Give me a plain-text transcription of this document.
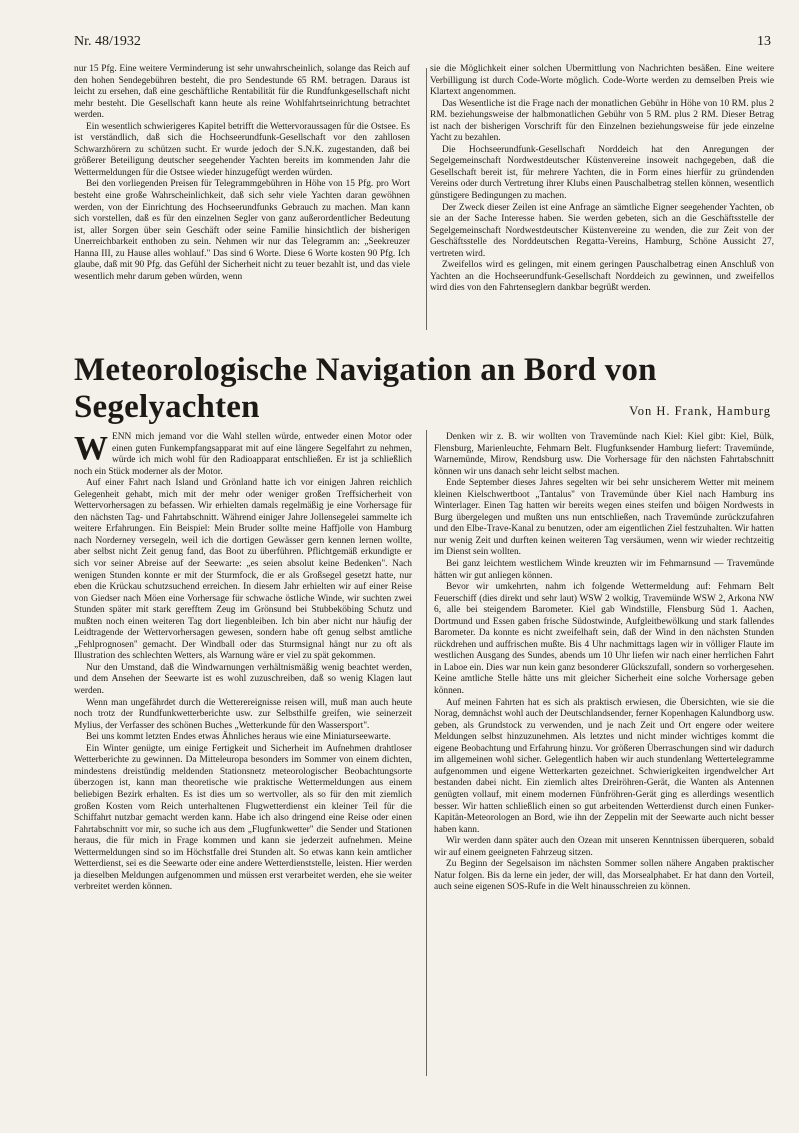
Nr. 48/1932	13

nur 15 Pfg. Eine weitere Verminderung ist sehr unwahrscheinlich, solange das Reich auf den hohen Sendegebühren besteht, die pro Sendestunde 65 RM. betragen. Daraus ist leicht zu ersehen, daß eine geschäftliche Rentabilität für die Rundfunkgesellschaft nicht mehr besteht. Die Gesellschaft kann heute als reine Wohlfahrtseinrichtung betrachtet werden.

Ein wesentlich schwierigeres Kapitel betrifft die Wettervoraussagen für die Ostsee. Es ist verständlich, daß sich die Hochseerundfunk-Gesellschaft vor den zahllosen Schwarzhörern zu schützen sucht. Er wurde jedoch der S.N.K. zugestanden, daß bei größerer Beteiligung deutscher seegehender Yachten bereits im kommenden Jahr die Wettermeldungen für die Ostsee wieder hinzugefügt werden würden.

Bei den vorliegenden Preisen für Telegrammgebühren in Höhe von 15 Pfg. pro Wort besteht eine große Wahrscheinlichkeit, daß sich sehr viele Yachten daran gewöhnen werden, von der Einrichtung des Hochseerundfunks Gebrauch zu machen. Man kann sich vorstellen, daß es für den einzelnen Segler von ganz außerordentlicher Bedeutung ist, aller Sorgen über sein Geschäft oder seine Familie hinsichtlich der bisherigen Unerreichbarkeit enthoben zu sein. Nehmen wir nur das Telegramm an: „Seekreuzer Hanna III, zu Hause alles wohlauf." Das sind 6 Worte. Diese 6 Worte kosten 90 Pfg. Ich glaube, daß mit 90 Pfg. das Gefühl der Sicherheit nicht zu teuer bezahlt ist, und das viele wesentlich mehr darum geben würden, wenn

sie die Möglichkeit einer solchen Übermittlung von Nachrichten besäßen. Eine weitere Verbilligung ist durch Code-Worte möglich. Code-Worte werden zu demselben Preis wie Klartext angenommen.

Das Wesentliche ist die Frage nach der monatlichen Gebühr in Höhe von 10 RM. plus 2 RM. beziehungsweise der halbmonatlichen Gebühr von 5 RM. plus 2 RM. Dieser Betrag ist nach der bisherigen Vorschrift für den Einzelnen beziehungsweise für jede einzelne Yacht zu bezahlen.

Die Hochseerundfunk-Gesellschaft Norddeich hat den Anregungen der Segelgemeinschaft Nordwestdeutscher Küstenvereine insoweit nachgegeben, daß die Gesellschaft bereit ist, für mehrere Yachten, die in Form eines hierfür zu gründenden Vereins oder durch Vertretung ihrer Klubs einen Pauschalbetrag stellen können, wesentlich günstigere Bedingungen zu machen.

Der Zweck dieser Zeilen ist eine Anfrage an sämtliche Eigner seegehender Yachten, ob sie an der Sache Interesse haben. Sie werden gebeten, sich an die Geschäftsstelle der Segelgemeinschaft Nordwestdeutscher Küstenvereine zu wenden, die zur Zeit von der Geschäftsstelle des Norddeutschen Regatta-Vereins, Hamburg, Schöne Aussicht 27, vertreten wird.

Zweifellos wird es gelingen, mit einem geringen Pauschalbetrag einen Anschluß von Yachten an die Hochseerundfunk-Gesellschaft Norddeich zu gewinnen, und zweifellos wird dies von den Fahrtenseglern dankbar begrüßt werden.

Meteorologische Navigation an Bord von Segelyachten	Von H. Frank, Hamburg

WENN mich jemand vor die Wahl stellen würde, entweder einen Motor oder einen guten Funkempfangsapparat mit auf eine längere Segelfahrt zu nehmen, würde ich mich wohl für den Radioapparat entschließen. Er ist ja schließlich noch ein Stück moderner als der Motor.

Auf einer Fahrt nach Island und Grönland hatte ich vor einigen Jahren reichlich Gelegenheit gehabt, mich mit der mehr oder weniger großen Treffsicherheit von Wettervorhersagen zu befassen. Wir erhielten damals regelmäßig je eine Vorhersage für den nächsten Tag- und Fahrtabschnitt. Während einiger Jahre Jollensegelei sammelte ich weitere Erfahrungen. Ein Beispiel: Mein Bruder sollte meine Haffjolle von Hamburg nach Norderney versegeln, weil ich die dortigen Gewässer gern kennen lernen wollte, aber selbst nicht Zeit genug fand, das Boot zu überführen. Pflichtgemäß erkundigte er sich vor seiner Abreise auf der Seewarte: „es seien absolut keine Bedenken". Nach wenigen Stunden konnte er mit der Sturmfock, die er als Großsegel gesetzt hatte, nur eben die Krückau schutzsuchend erreichen. In diesem Jahr erhielten wir auf einer Reise von Giedser nach Möen eine Vorhersage für schwache östliche Winde, wir suchten zwei Stunden später mit stark gerefftem Zeug im Grönsund bei Stubbeköbing Schutz und mußten noch einen weiteren Tag dort liegenbleiben. Ich bin aber nicht nur häufig der Leidtragende der Wettervorhersagen gewesen, sondern habe oft genug selbst amtliche „Fehlprognosen" gemacht. Der Windball oder das Sturmsignal hängt nur zu oft als Illustration des schlechten Wetters, als Warnung wäre er viel zu spät gekommen.

Nur den Umstand, daß die Windwarnungen verhältnismäßig wenig beachtet werden, und dem Ansehen der Seewarte ist es wohl zuzuschreiben, daß so wenig Klagen laut werden.

Wenn man ungefährdet durch die Wetterereignisse reisen will, muß man auch heute noch trotz der Rundfunkwetterberichte usw. zur Selbsthilfe greifen, wie seinerzeit Mylius, der Verfasser des schönen Buches „Wetterkunde für den Wassersport".

Bei uns kommt letzten Endes etwas Ähnliches heraus wie eine Miniaturseewarte.

Ein Winter genügte, um einige Fertigkeit und Sicherheit im Aufnehmen drahtloser Wetterberichte zu gewinnen. Da Mitteleuropa besonders im Sommer von einem dichten, mindestens dreistündig meldenden Stationsnetz meteorologischer Beobachtungsorte überzogen ist, kann man theoretische wie praktische Wettermeldungen aus einem beliebigen Bezirk erhalten. Es ist dies um so wertvoller, als so für den mit ziemlich großen Kosten vom Reich unterhaltenen Flugwetterdienst ein kleiner Teil für die Schiffahrt nutzbar gemacht werden kann. Habe ich also dringend eine Reise oder einen Fahrtabschnitt vor mir, so suche ich aus dem „Flugfunkwetter" die Sender und Stationen heraus, die für mich in Frage kommen und kann sie jederzeit aufnehmen. Meine Wettermeldungen sind so im Höchstfalle drei Stunden alt. So etwas kann kein amtlicher Wetterdienst, sei es die Seewarte oder eine andere Wetterdienststelle, leisten. Hier werden ja dieselben Meldungen aufgenommen und müssen erst verarbeitet werden, ehe sie weiter verbreitet werden können.

Denken wir z. B. wir wollten von Travemünde nach Kiel: Kiel gibt: Kiel, Bülk, Flensburg, Marienleuchte, Fehmarn Belt. Flugfunksender Hamburg liefert: Travemünde, Warnemünde, Mirow, Rendsburg usw. Die Vorhersage für den nächsten Fahrtabschnitt können wir uns danach sehr leicht selbst machen.

Ende September dieses Jahres segelten wir bei sehr unsicherem Wetter mit meinem kleinen Kielschwertboot „Tantalus" von Travemünde über Kiel nach Hamburg ins Winterlager. Einen Tag hatten wir bereits wegen eines steifen und böigen Nordwests in Burg übergelegen und mußten uns nun entschließen, nach Travemünde zurückzufahren und den Elbe-Trave-Kanal zu benutzen, oder am eigentlichen Ziel festzuhalten. Wir hatten nur wenig Zeit und durften keinen weiteren Tag versäumen, wenn wir wieder rechtzeitig im Dienst sein wollten.

Bei ganz leichtem westlichem Winde kreuzten wir im Fehmarnsund — Travemünde hätten wir gut anliegen können.

Bevor wir umkehrten, nahm ich folgende Wettermeldung auf: Fehmarn Belt Feuerschiff (dies direkt und sehr laut) WSW 2 wolkig, Travemünde WSW 2, Arkona NW 6, alle bei steigendem Barometer. Kiel gab Windstille, Flensburg Süd 1. Aachen, Dortmund und Essen gaben frische Südostwinde, Aufgleitbewölkung und stark fallendes Barometer. Da konnte es nicht zweifelhaft sein, daß der Wind in den nächsten Stunden rückdrehen und auffrischen mußte. Bis 4 Uhr nachmittags lagen wir in völliger Flaute im westlichen Ausgang des Sundes, abends um 10 Uhr liefen wir nach einer herrlichen Fahrt in Laboe ein. Dies war nun kein ganz besonderer Glückszufall, sondern so vorhergesehen. Keine amtliche Stelle hätte uns mit gleicher Sicherheit eine solche Vorhersage geben können.

Auf meinen Fahrten hat es sich als praktisch erwiesen, die Übersichten, wie sie die Norag, demnächst wohl auch der Deutschlandsender, ferner Kopenhagen Kalundborg usw. geben, als Grundstock zu verwenden, und je nach Zeit und Ort engere oder weitere Meldungen selbst hinzuzunehmen. Als letztes und nicht minder wichtiges kommt die eigene Beobachtung und Erfahrung hinzu. Vor größeren Überraschungen sind wir dadurch im allgemeinen wohl sicher. Gelegentlich haben wir auch stundenlang Wettertelegramme aufgenommen und eigene Wetterkarten gezeichnet. Schwierigkeiten irgendwelcher Art bestanden dabei nicht. Ein ziemlich altes Dreiröhren-Gerät, die Wanten als Antennen genügten vollauf, mit einem modernen Fünfröhren-Gerät ging es allerdings wesentlich besser. Wir hatten schließlich einen so gut arbeitenden Wetterdienst durch einen Funker-Kapitän-Meteorologen an Bord, wie ihn der Zeppelin mit der Seewarte auch nicht besser haben kann.

Wir werden dann später auch den Ozean mit unseren Kenntnissen überqueren, sobald wir auf einem geeigneten Fahrzeug sitzen.

Zu Beginn der Segelsaison im nächsten Sommer sollen nähere Angaben praktischer Natur folgen. Bis da lerne ein jeder, der will, das Morsealphabet. Er hat dann den Vorteil, auch seine eigenen SOS-Rufe in die Welt hinausschreien zu können.
